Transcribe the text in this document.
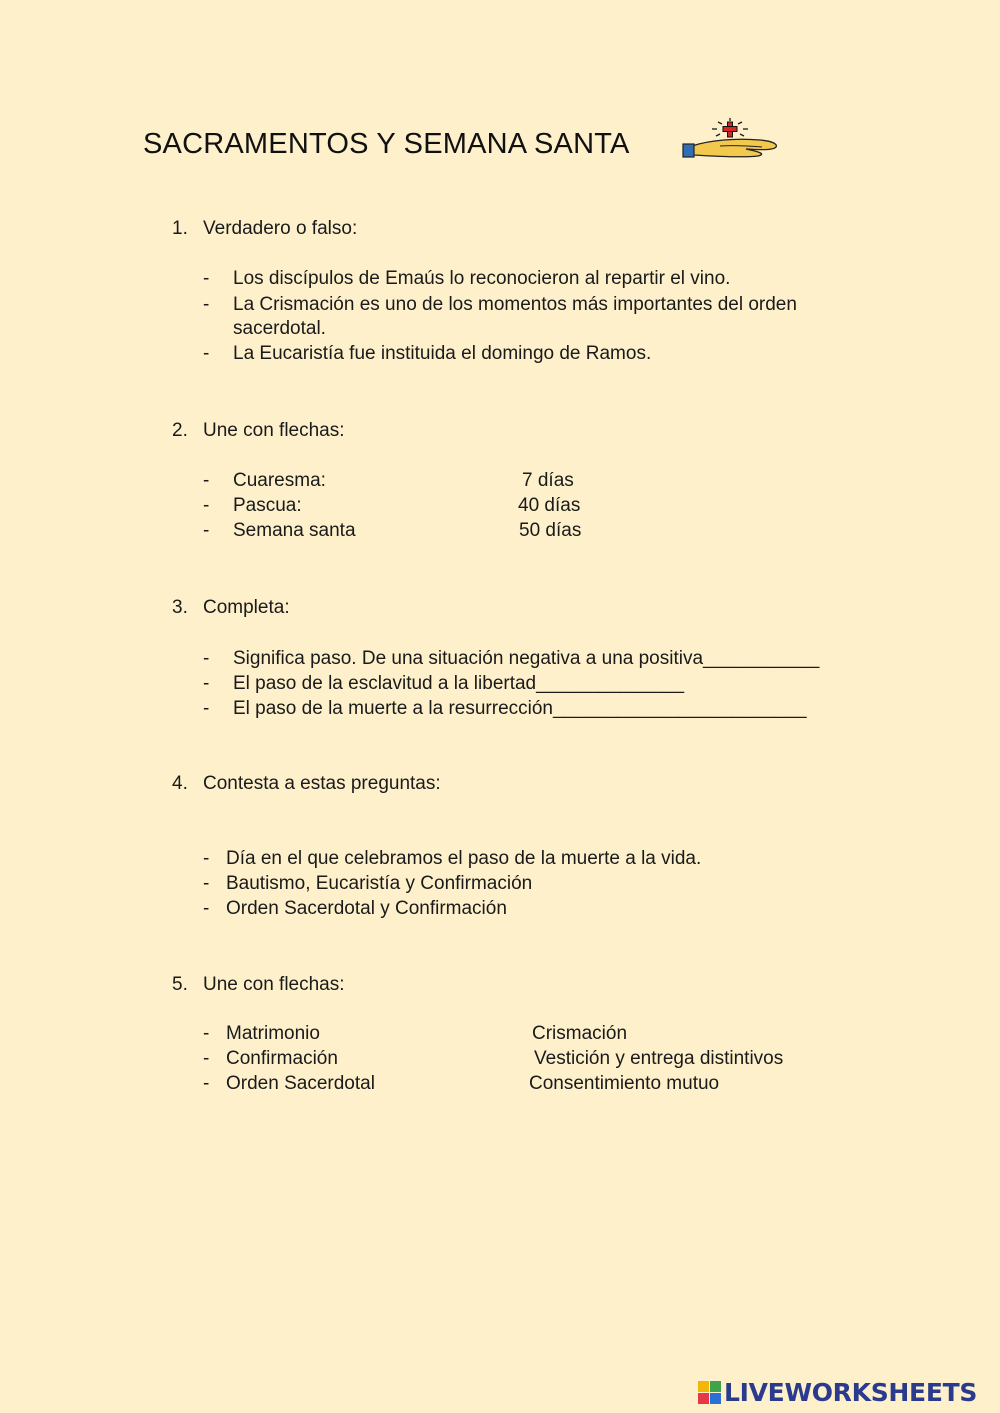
SACRAMENTOS Y SEMANA SANTA
1. Verdadero o falso:
- Los discípulos de Emaús lo reconocieron al repartir el vino.
- La Crismación es uno de los momentos más importantes del orden
sacerdotal.
- La Eucaristía fue instituida el domingo de Ramos.
2. Une con flechas:
- Cuaresma:
- Pascua:
- Semana santa
7 días
40 días
50 días
3. Completa:
- Significa paso. De una situación negativa a una positiva___________
- El paso de la esclavitud a la libertad______________
- El paso de la muerte a la resurrección________________________
4. Contesta a estas preguntas:
- Día en el que celebramos el paso de la muerte a la vida.
- Bautismo, Eucaristía y Confirmación
- Orden Sacerdotal y Confirmación
5. Une con flechas:
- Matrimonio
- Confirmación
- Orden Sacerdotal
Crismación
Vestición y entrega distintivos
Consentimiento mutuo
LIVEWORKSHEETS
